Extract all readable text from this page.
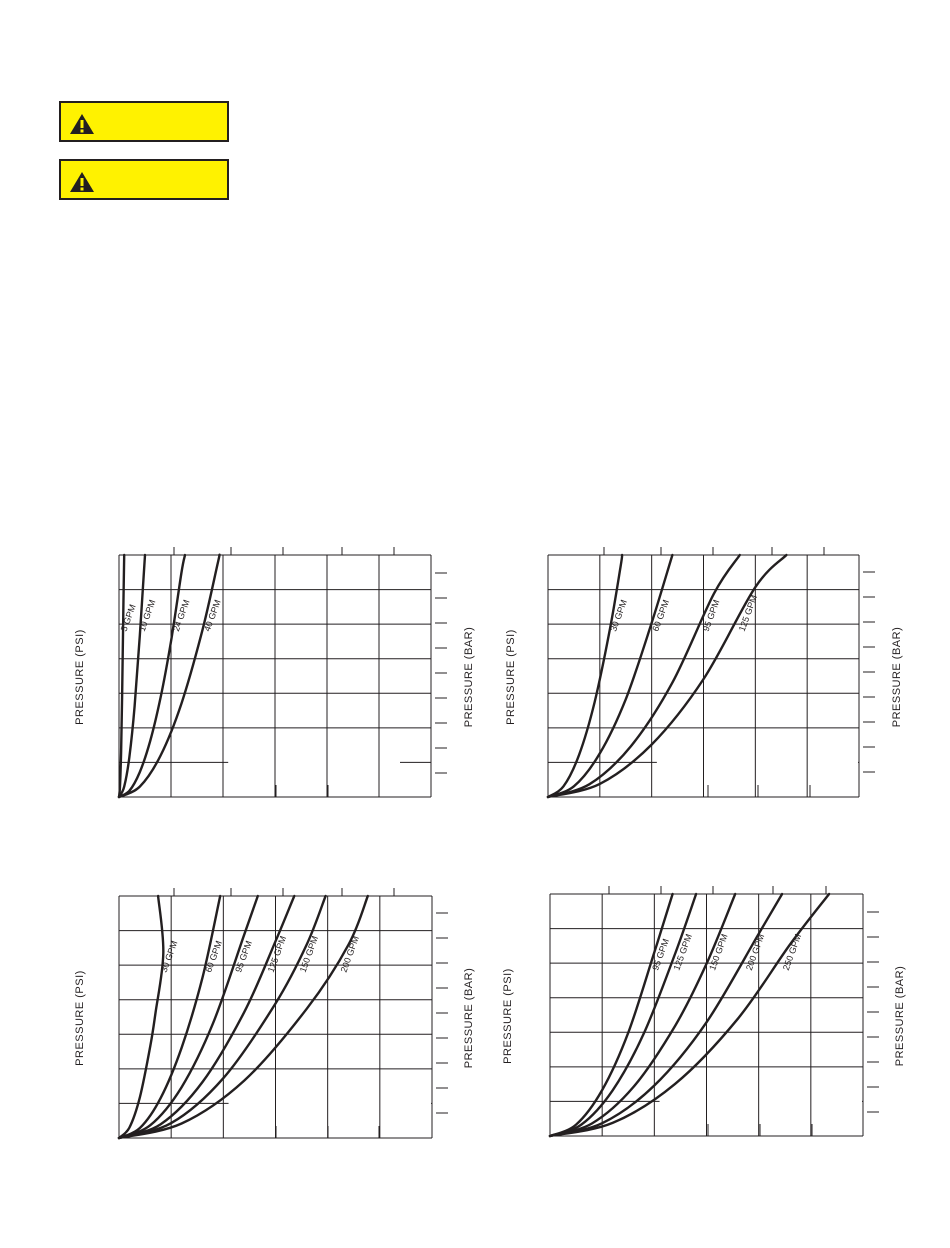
PRESSURE (PSI)	PRESSURE (BAR)
5 GPM 10 GPM 24 GPM 40 GPM
PRESSURE (PSI)	PRESSURE (BAR)
30 GPM 60 GPM	95 GPM 125 GPM
PRESSURE (PSI)	PRESSURE (BAR)
30 GPM	60 GPM 95 GPM 125 GPM 150 GPM 200 GPM
PRESSURE (PSI)	PRESSURE (BAR)
95 GPM 125 GPM 150 GPM 200 GPM 250 GPM
